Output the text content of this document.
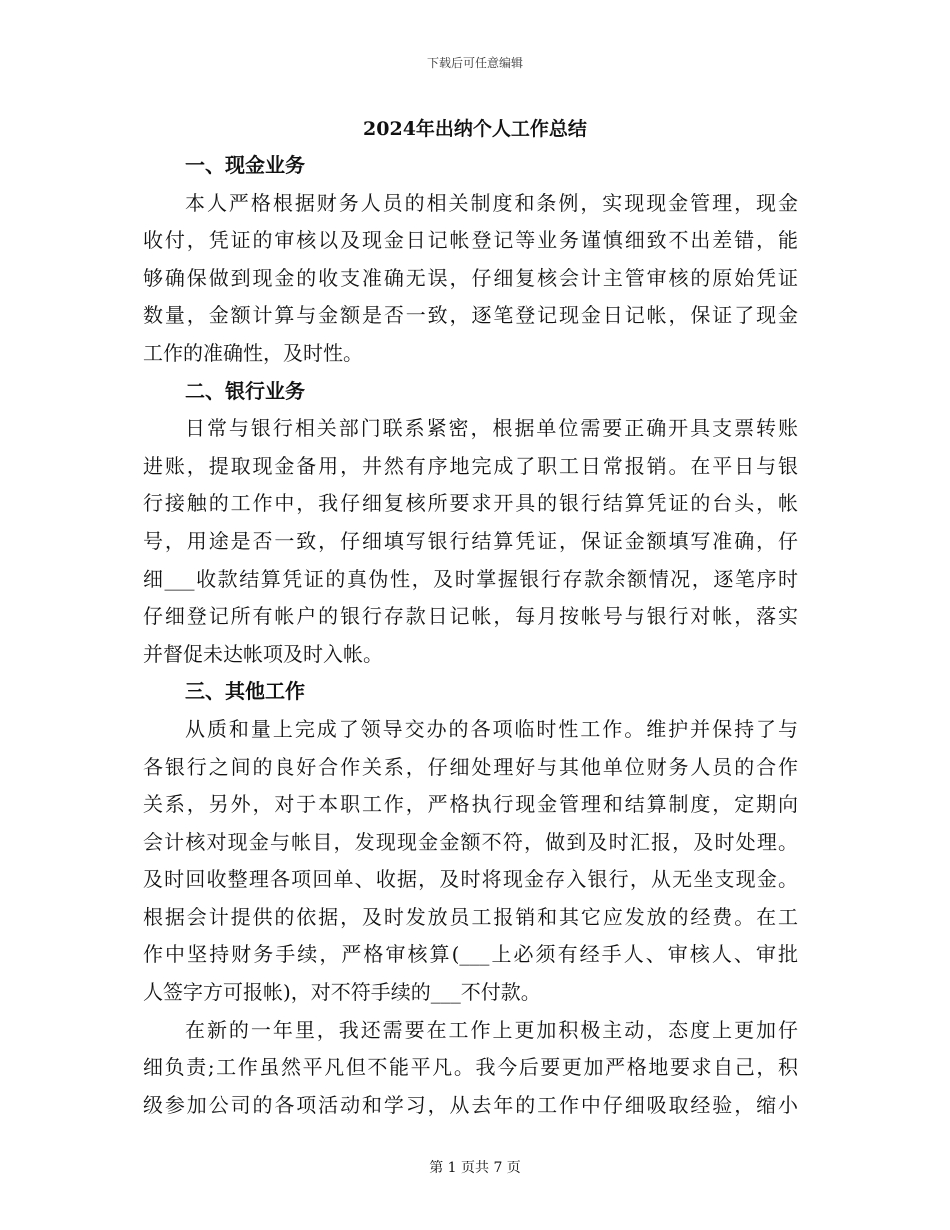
下载后可任意编辑
2024年出纳个人工作总结
一、现金业务
本人严格根据财务人员的相关制度和条例，实现现金管理，现金
收付，凭证的审核以及现金日记帐登记等业务谨慎细致不出差错，能
够确保做到现金的收支准确无误，仔细复核会计主管审核的原始凭证
数量，金额计算与金额是否一致，逐笔登记现金日记帐，保证了现金
工作的准确性，及时性。
二、银行业务
日常与银行相关部门联系紧密，根据单位需要正确开具支票转账
进账，提取现金备用，井然有序地完成了职工日常报销。在平日与银
行接触的工作中，我仔细复核所要求开具的银行结算凭证的台头，帐
号，用途是否一致，仔细填写银行结算凭证，保证金额填写准确，仔
细___收款结算凭证的真伪性，及时掌握银行存款余额情况，逐笔序时
仔细登记所有帐户的银行存款日记帐，每月按帐号与银行对帐，落实
并督促未达帐项及时入帐。
三、其他工作
从质和量上完成了领导交办的各项临时性工作。维护并保持了与
各银行之间的良好合作关系，仔细处理好与其他单位财务人员的合作
关系，另外，对于本职工作，严格执行现金管理和结算制度，定期向
会计核对现金与帐目，发现现金金额不符，做到及时汇报，及时处理。
及时回收整理各项回单、收据，及时将现金存入银行，从无坐支现金。
根据会计提供的依据，及时发放员工报销和其它应发放的经费。在工
作中坚持财务手续，严格审核算(___上必须有经手人、审核人、审批
人签字方可报帐)，对不符手续的___不付款。
在新的一年里，我还需要在工作上更加积极主动，态度上更加仔
细负责;工作虽然平凡但不能平凡。我今后要更加严格地要求自己，积
级参加公司的各项活动和学习，从去年的工作中仔细吸取经验，缩小
第 1 页共 7 页
